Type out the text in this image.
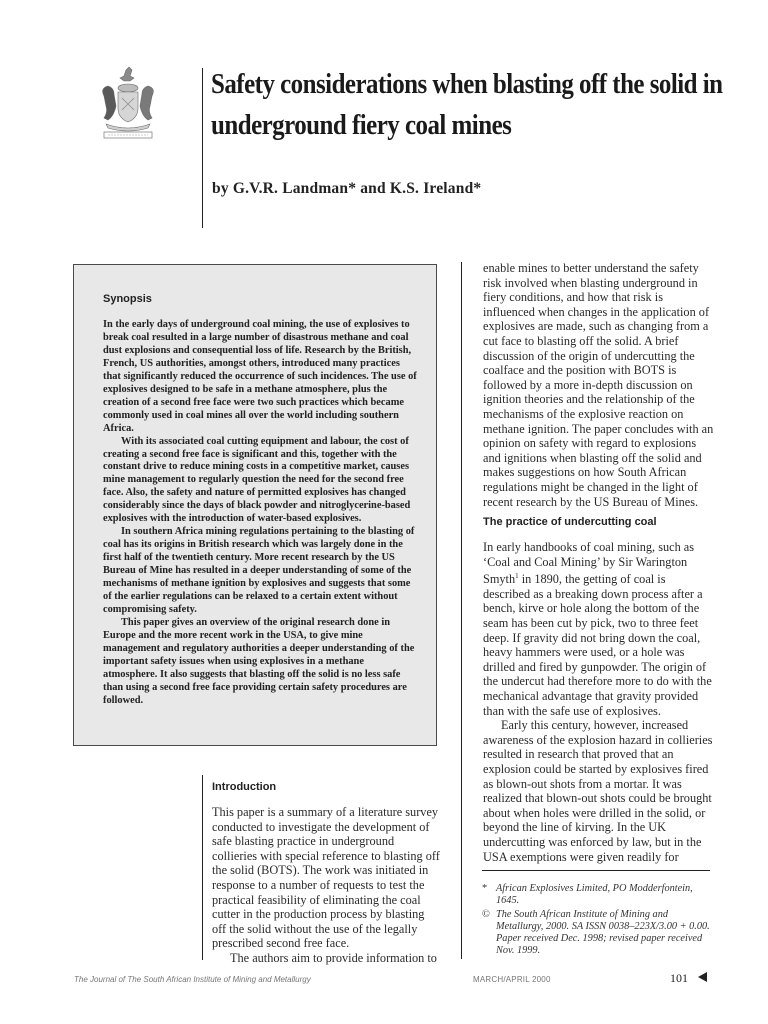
Safety considerations when blasting off the solid in underground fiery coal mines
by G.V.R. Landman* and K.S. Ireland*
Synopsis

In the early days of underground coal mining, the use of explosives to break coal resulted in a large number of disastrous methane and coal dust explosions and consequential loss of life. Research by the British, French, US authorities, amongst others, introduced many practices that significantly reduced the occurrence of such incidences. The use of explosives designed to be safe in a methane atmosphere, plus the creation of a second free face were two such practices which became commonly used in coal mines all over the world including southern Africa.

With its associated coal cutting equipment and labour, the cost of creating a second free face is significant and this, together with the constant drive to reduce mining costs in a competitive market, causes mine management to regularly question the need for the second free face. Also, the safety and nature of permitted explosives has changed considerably since the days of black powder and nitroglycerine-based explosives with the introduction of water-based explosives.

In southern Africa mining regulations pertaining to the blasting of coal has its origins in British research which was largely done in the first half of the twentieth century. More recent research by the US Bureau of Mine has resulted in a deeper understanding of some of the mechanisms of methane ignition by explosives and suggests that some of the earlier regulations can be relaxed to a certain extent without compromising safety.

This paper gives an overview of the original research done in Europe and the more recent work in the USA, to give mine management and regulatory authorities a deeper understanding of the important safety issues when using explosives in a methane atmosphere. It also suggests that blasting off the solid is no less safe than using a second free face providing certain safety procedures are followed.

Introduction

This paper is a summary of a literature survey conducted to investigate the development of safe blasting practice in underground collieries with special reference to blasting off the solid (BOTS). The work was initiated in response to a number of requests to test the practical feasibility of eliminating the coal cutter in the production process by blasting off the solid without the use of the legally prescribed second free face.

The authors aim to provide information to

enable mines to better understand the safety risk involved when blasting underground in fiery conditions, and how that risk is influenced when changes in the application of explosives are made, such as changing from a cut face to blasting off the solid. A brief discussion of the origin of undercutting the coalface and the position with BOTS is followed by a more in-depth discussion on ignition theories and the relationship of the mechanisms of the explosive reaction on methane ignition. The paper concludes with an opinion on safety with regard to explosions and ignitions when blasting off the solid and makes suggestions on how South African regulations might be changed in the light of recent research by the US Bureau of Mines.

The practice of undercutting coal

In early handbooks of coal mining, such as ‘Coal and Coal Mining’ by Sir Warington Smyth$^1$ in 1890, the getting of coal is described as a breaking down process after a bench, kirve or hole along the bottom of the seam has been cut by pick, two to three feet deep. If gravity did not bring down the coal, heavy hammers were used, or a hole was drilled and fired by gunpowder. The origin of the undercut had therefore more to do with the mechanical advantage that gravity provided than with the safe use of explosives.

Early this century, however, increased awareness of the explosion hazard in collieries resulted in research that proved that an explosion could be started by explosives fired as blown-out shots from a mortar. It was realized that blown-out shots could be brought about when holes were drilled in the solid, or beyond the line of kirving. In the UK undercutting was enforced by law, but in the USA exemptions were given readily for

* African Explosives Limited, PO Modderfontein, 1645.
© The South African Institute of Mining and Metallurgy, 2000. SA ISSN 0038–223X/3.00 + 0.00. Paper received Dec. 1998; revised paper received Nov. 1999.
The Journal of The South African Institute of Mining and Metallurgy	MARCH/APRIL 2000	101
